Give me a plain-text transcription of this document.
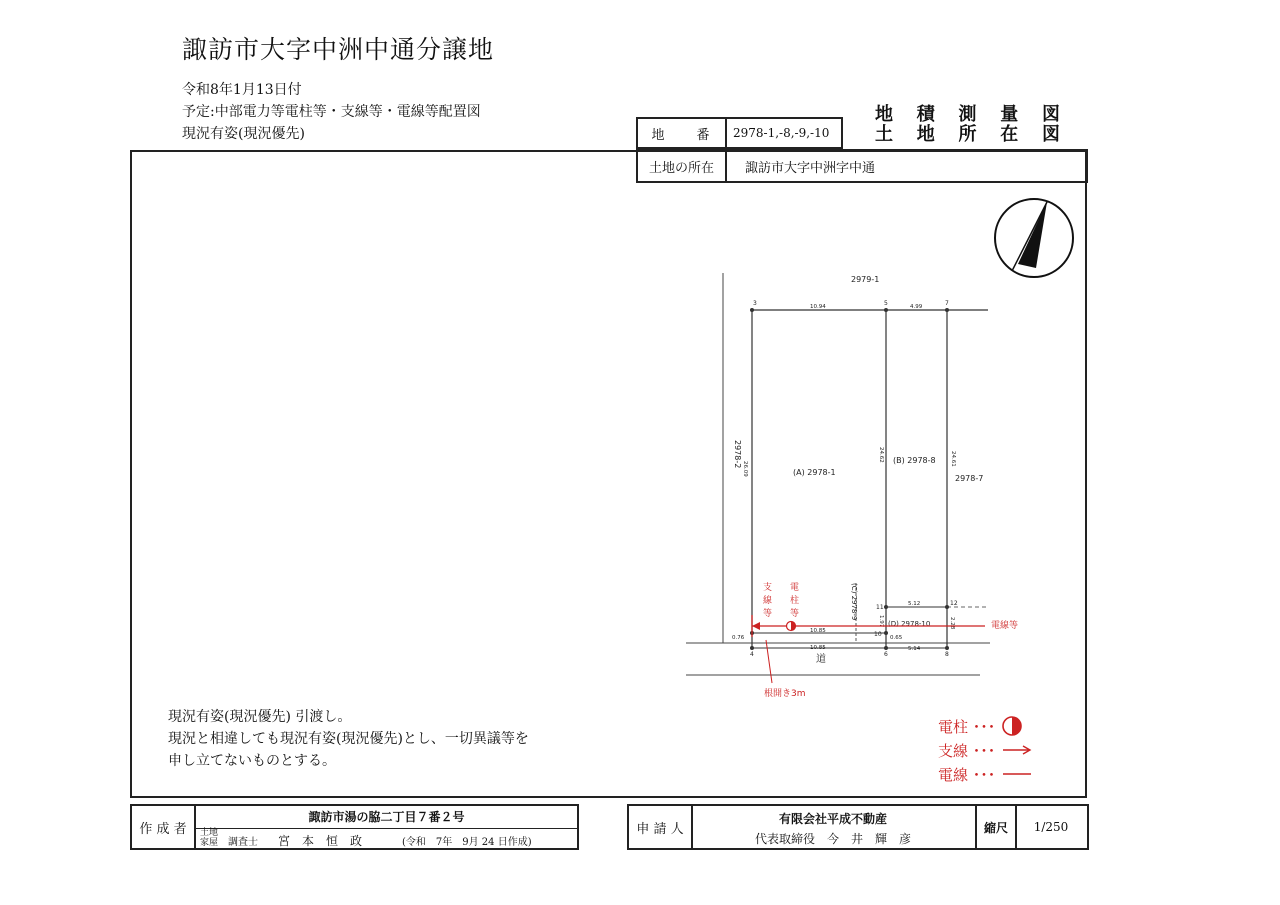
諏訪市大字中洲中通分譲地
令和8年1月13日付
予定:中部電力等電柱等・支線等・電線等配置図
現況有姿(現況優先)	地　　番	2978-1,-8,-9,-10
土地の所在	諏訪市大字中洲字中通
地 積 測 量 図
土 地 所 在 図
3	5	7
11
12
10
4	6	8
2979-1
(A) 2978-1
(B) 2978-8
2978-7
(D) 2978-10
2978-2
(C) 2978-9
道
10.94	4.99
26.09
24.62	24.61
5.12
2.28
1.97
10.85
10.85
0.76	0.65
5.14
支
線
等
電
柱
等
電線等
根開き3m
現況有姿(現況優先) 引渡し。
現況と相違しても現況有姿(現況優先)とし、一切異議等を
申し立てないものとする。
電柱 ･･･
支線 ･･･
電線 ･･･
作 成 者
諏訪市湯の脇二丁目７番２号
土地
家屋 調査士 宮　本　恒　政	(令和　7年　9月 24 日作成)
申 請 人
有限会社平成不動産
代表取締役　今　井　輝　彦
縮尺	1/250
